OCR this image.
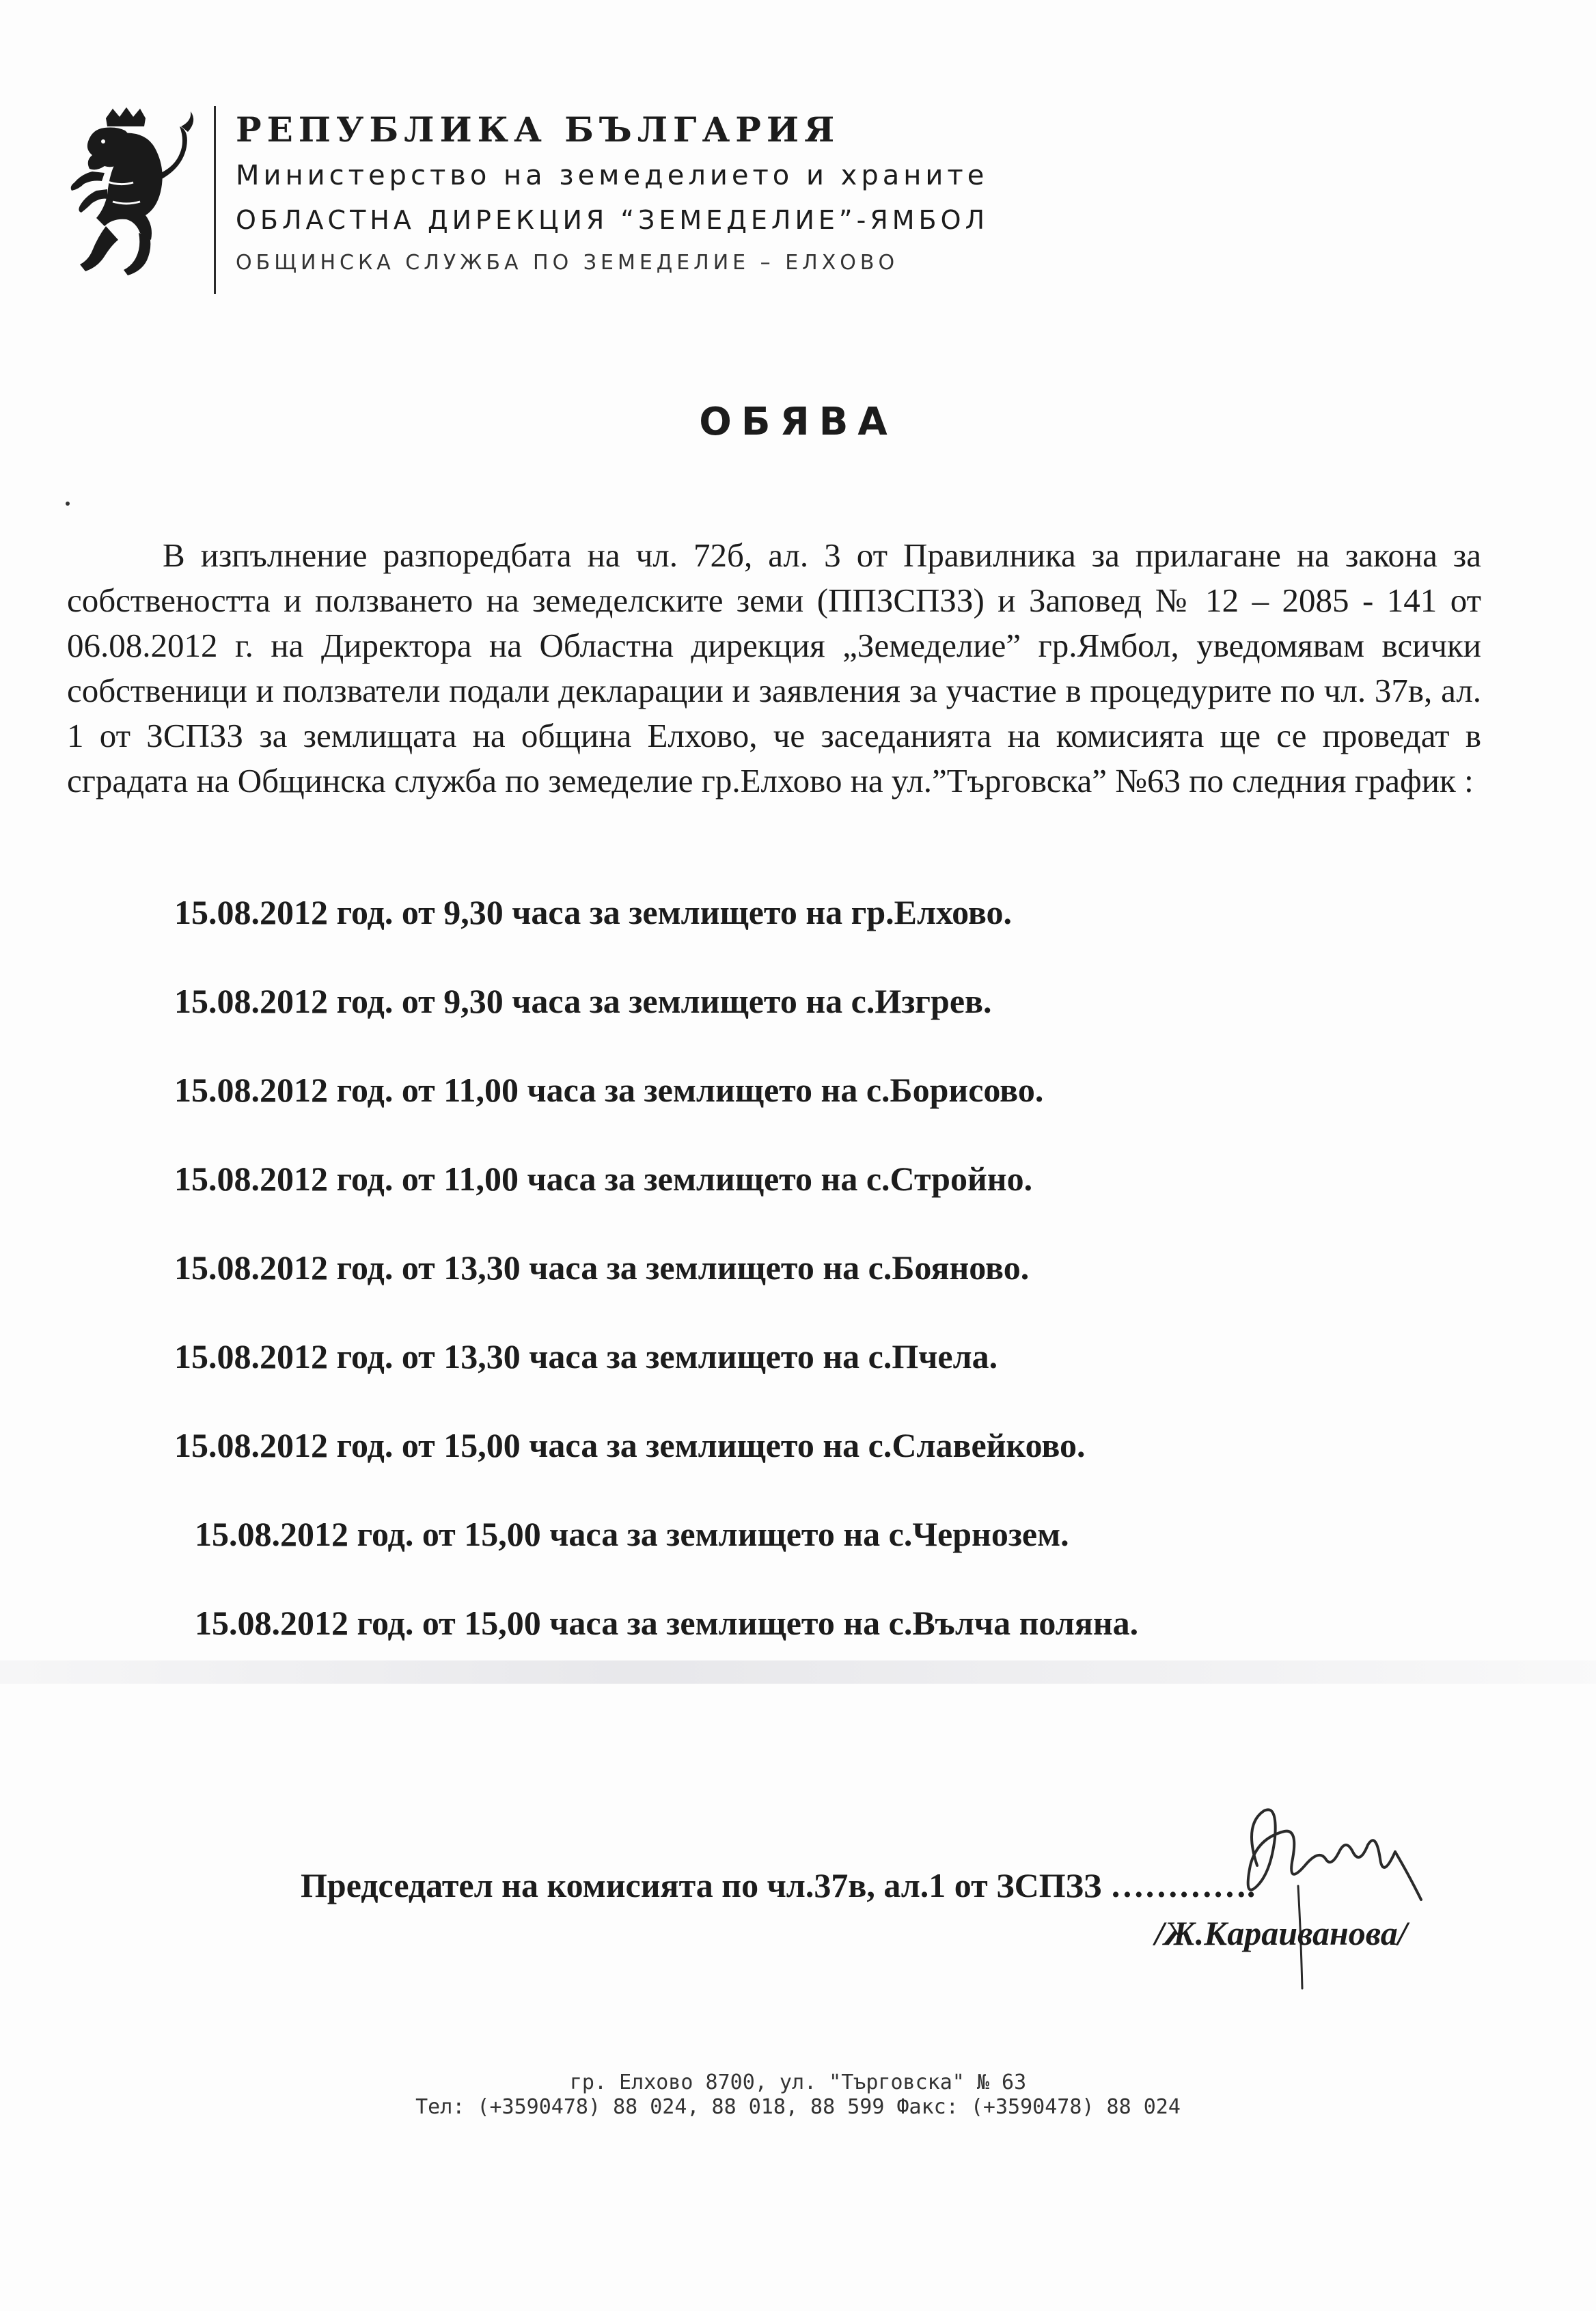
РЕПУБЛИКА БЪЛГАРИЯ
Министерство на земеделието и храните
ОБЛАСТНА ДИРЕКЦИЯ “ЗЕМЕДЕЛИЕ”-ЯМБОЛ
ОБЩИНСКА СЛУЖБА ПО ЗЕМЕДЕЛИЕ – ЕЛХОВО
ОБЯВА
В изпълнение разпоредбата на чл. 72б, ал. 3 от Правилника за прилагане на закона за собствеността и ползването на земеделските земи (ППЗСПЗЗ) и Заповед № 12 – 2085 - 141 от 06.08.2012 г. на Директора на Областна дирекция „Земеделие” гр.Ямбол, уведомявам всички собственици и ползватели подали декларации и заявления за участие в процедурите по чл. 37в, ал. 1 от ЗСПЗЗ за землищата на община Елхово, че заседанията на комисията ще се проведат в сградата на Общинска служба по земеделие гр.Елхово на ул.”Търговска” №63 по следния график :
15.08.2012 год. от 9,30 часа за землището на гр.Елхово.
15.08.2012 год. от 9,30 часа за землището на с.Изгрев.
15.08.2012 год. от 11,00 часа за землището на с.Борисово.
15.08.2012 год. от 11,00 часа за землището на с.Стройно.
15.08.2012 год. от 13,30 часа за землището на с.Бояново.
15.08.2012 год. от 13,30 часа за землището на с.Пчела.
15.08.2012 год. от 15,00 часа за землището на с.Славейково.
15.08.2012 год. от 15,00 часа за землището на с.Чернозем.
15.08.2012 год. от 15,00 часа за землището на с.Вълча поляна.
Председател на комисията по чл.37в, ал.1 от ЗСПЗЗ ………….
/Ж.Караиванова/
гр. Елхово 8700, ул. "Търговска" № 63
Тел: (+3590478) 88 024, 88 018, 88 599 Факс: (+3590478) 88 024
